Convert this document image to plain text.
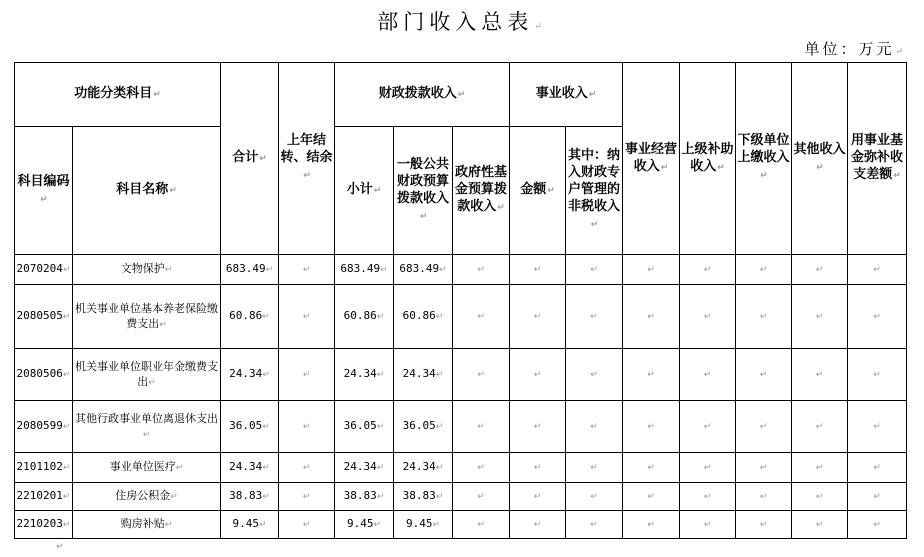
部门收入总表↵
单位：万元↵
功能分类科目↵		合计↵	上年结转、结余↵	财政拨款收入↵			事业收入↵		事业经营收入↵	上级补助收入↵	下级单位上缴收入↵	其他收入↵	用事业基金弥补收支差额↵
科目编码↵	科目名称↵			小计↵	一般公共财政预算拨款收入↵	政府性基金预算拨款收入↵	金额↵	其中：纳入财政专户管理的非税收入↵					
2070204↵	文物保护↵	683.49↵	↵	683.49↵	683.49↵	↵	↵	↵	↵	↵	↵	↵	↵
2080505↵	机关事业单位基本养老保险缴费支出↵	60.86↵	↵	60.86↵	60.86↵	↵	↵	↵	↵	↵	↵	↵	↵
2080506↵	机关事业单位职业年金缴费支出↵	24.34↵	↵	24.34↵	24.34↵	↵	↵	↵	↵	↵	↵	↵	↵
2080599↵	其他行政事业单位离退休支出↵	36.05↵	↵	36.05↵	36.05↵	↵	↵	↵	↵	↵	↵	↵	↵
2101102↵	事业单位医疗↵	24.34↵	↵	24.34↵	24.34↵	↵	↵	↵	↵	↵	↵	↵	↵
2210201↵	住房公积金↵	38.83↵	↵	38.83↵	38.83↵	↵	↵	↵	↵	↵	↵	↵	↵
2210203↵	购房补贴↵	9.45↵	↵	9.45↵	9.45↵	↵	↵	↵	↵	↵	↵	↵	↵
↵
